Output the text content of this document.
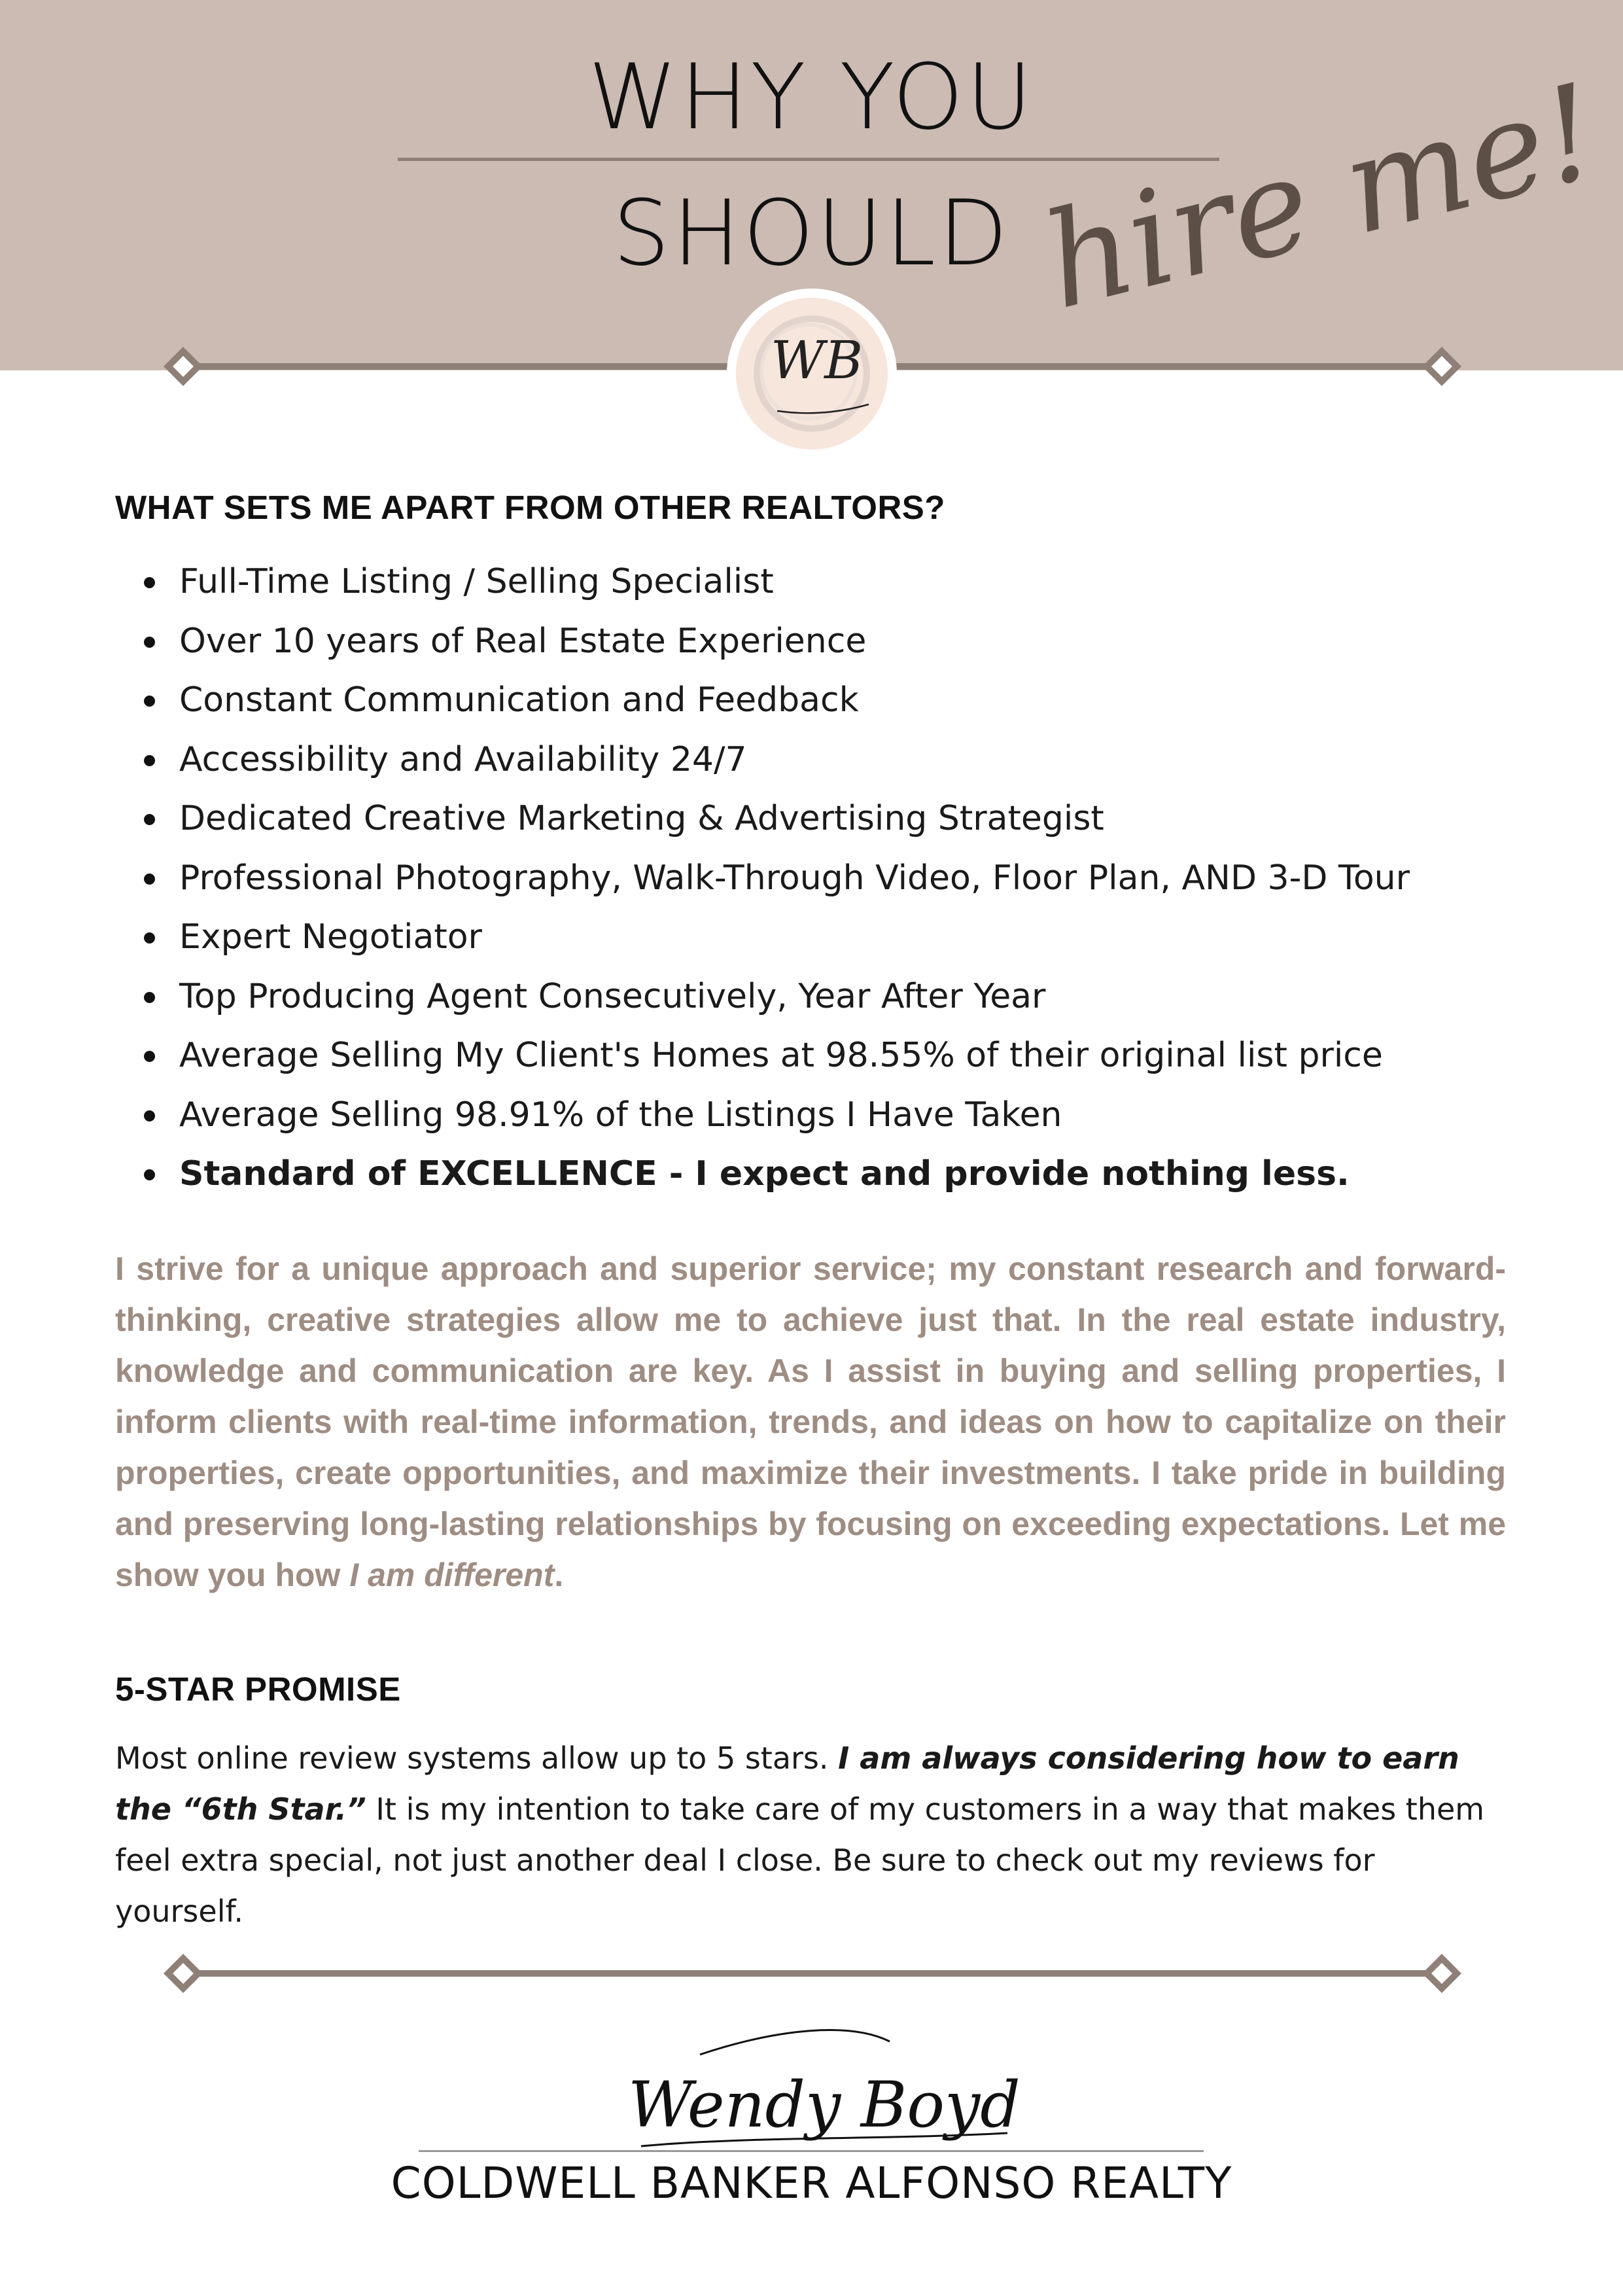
WHY YOU
SHOULD hire me!
WB
WHAT SETS ME APART FROM OTHER REALTORS?
Full-Time Listing / Selling Specialist
Over 10 years of Real Estate Experience
Constant Communication and Feedback
Accessibility and Availability 24/7
Dedicated Creative Marketing & Advertising Strategist
Professional Photography, Walk-Through Video, Floor Plan, AND 3-D Tour
Expert Negotiator
Top Producing Agent Consecutively, Year After Year
Average Selling My Client's Homes at 98.55% of their original list price
Average Selling 98.91% of the Listings I Have Taken
Standard of EXCELLENCE - I expect and provide nothing less.

I strive for a unique approach and superior service; my constant research and forward-thinking, creative strategies allow me to achieve just that. In the real estate industry, knowledge and communication are key. As I assist in buying and selling properties, I inform clients with real-time information, trends, and ideas on how to capitalize on their properties, create opportunities, and maximize their investments. I take pride in building and preserving long-lasting relationships by focusing on exceeding expectations. Let me show you how I am different.

5-STAR PROMISE

Most online review systems allow up to 5 stars. I am always considering how to earn the “6th Star.” It is my intention to take care of my customers in a way that makes them feel extra special, not just another deal I close. Be sure to check out my reviews for yourself.

Wendy Boyd
COLDWELL BANKER ALFONSO REALTY
